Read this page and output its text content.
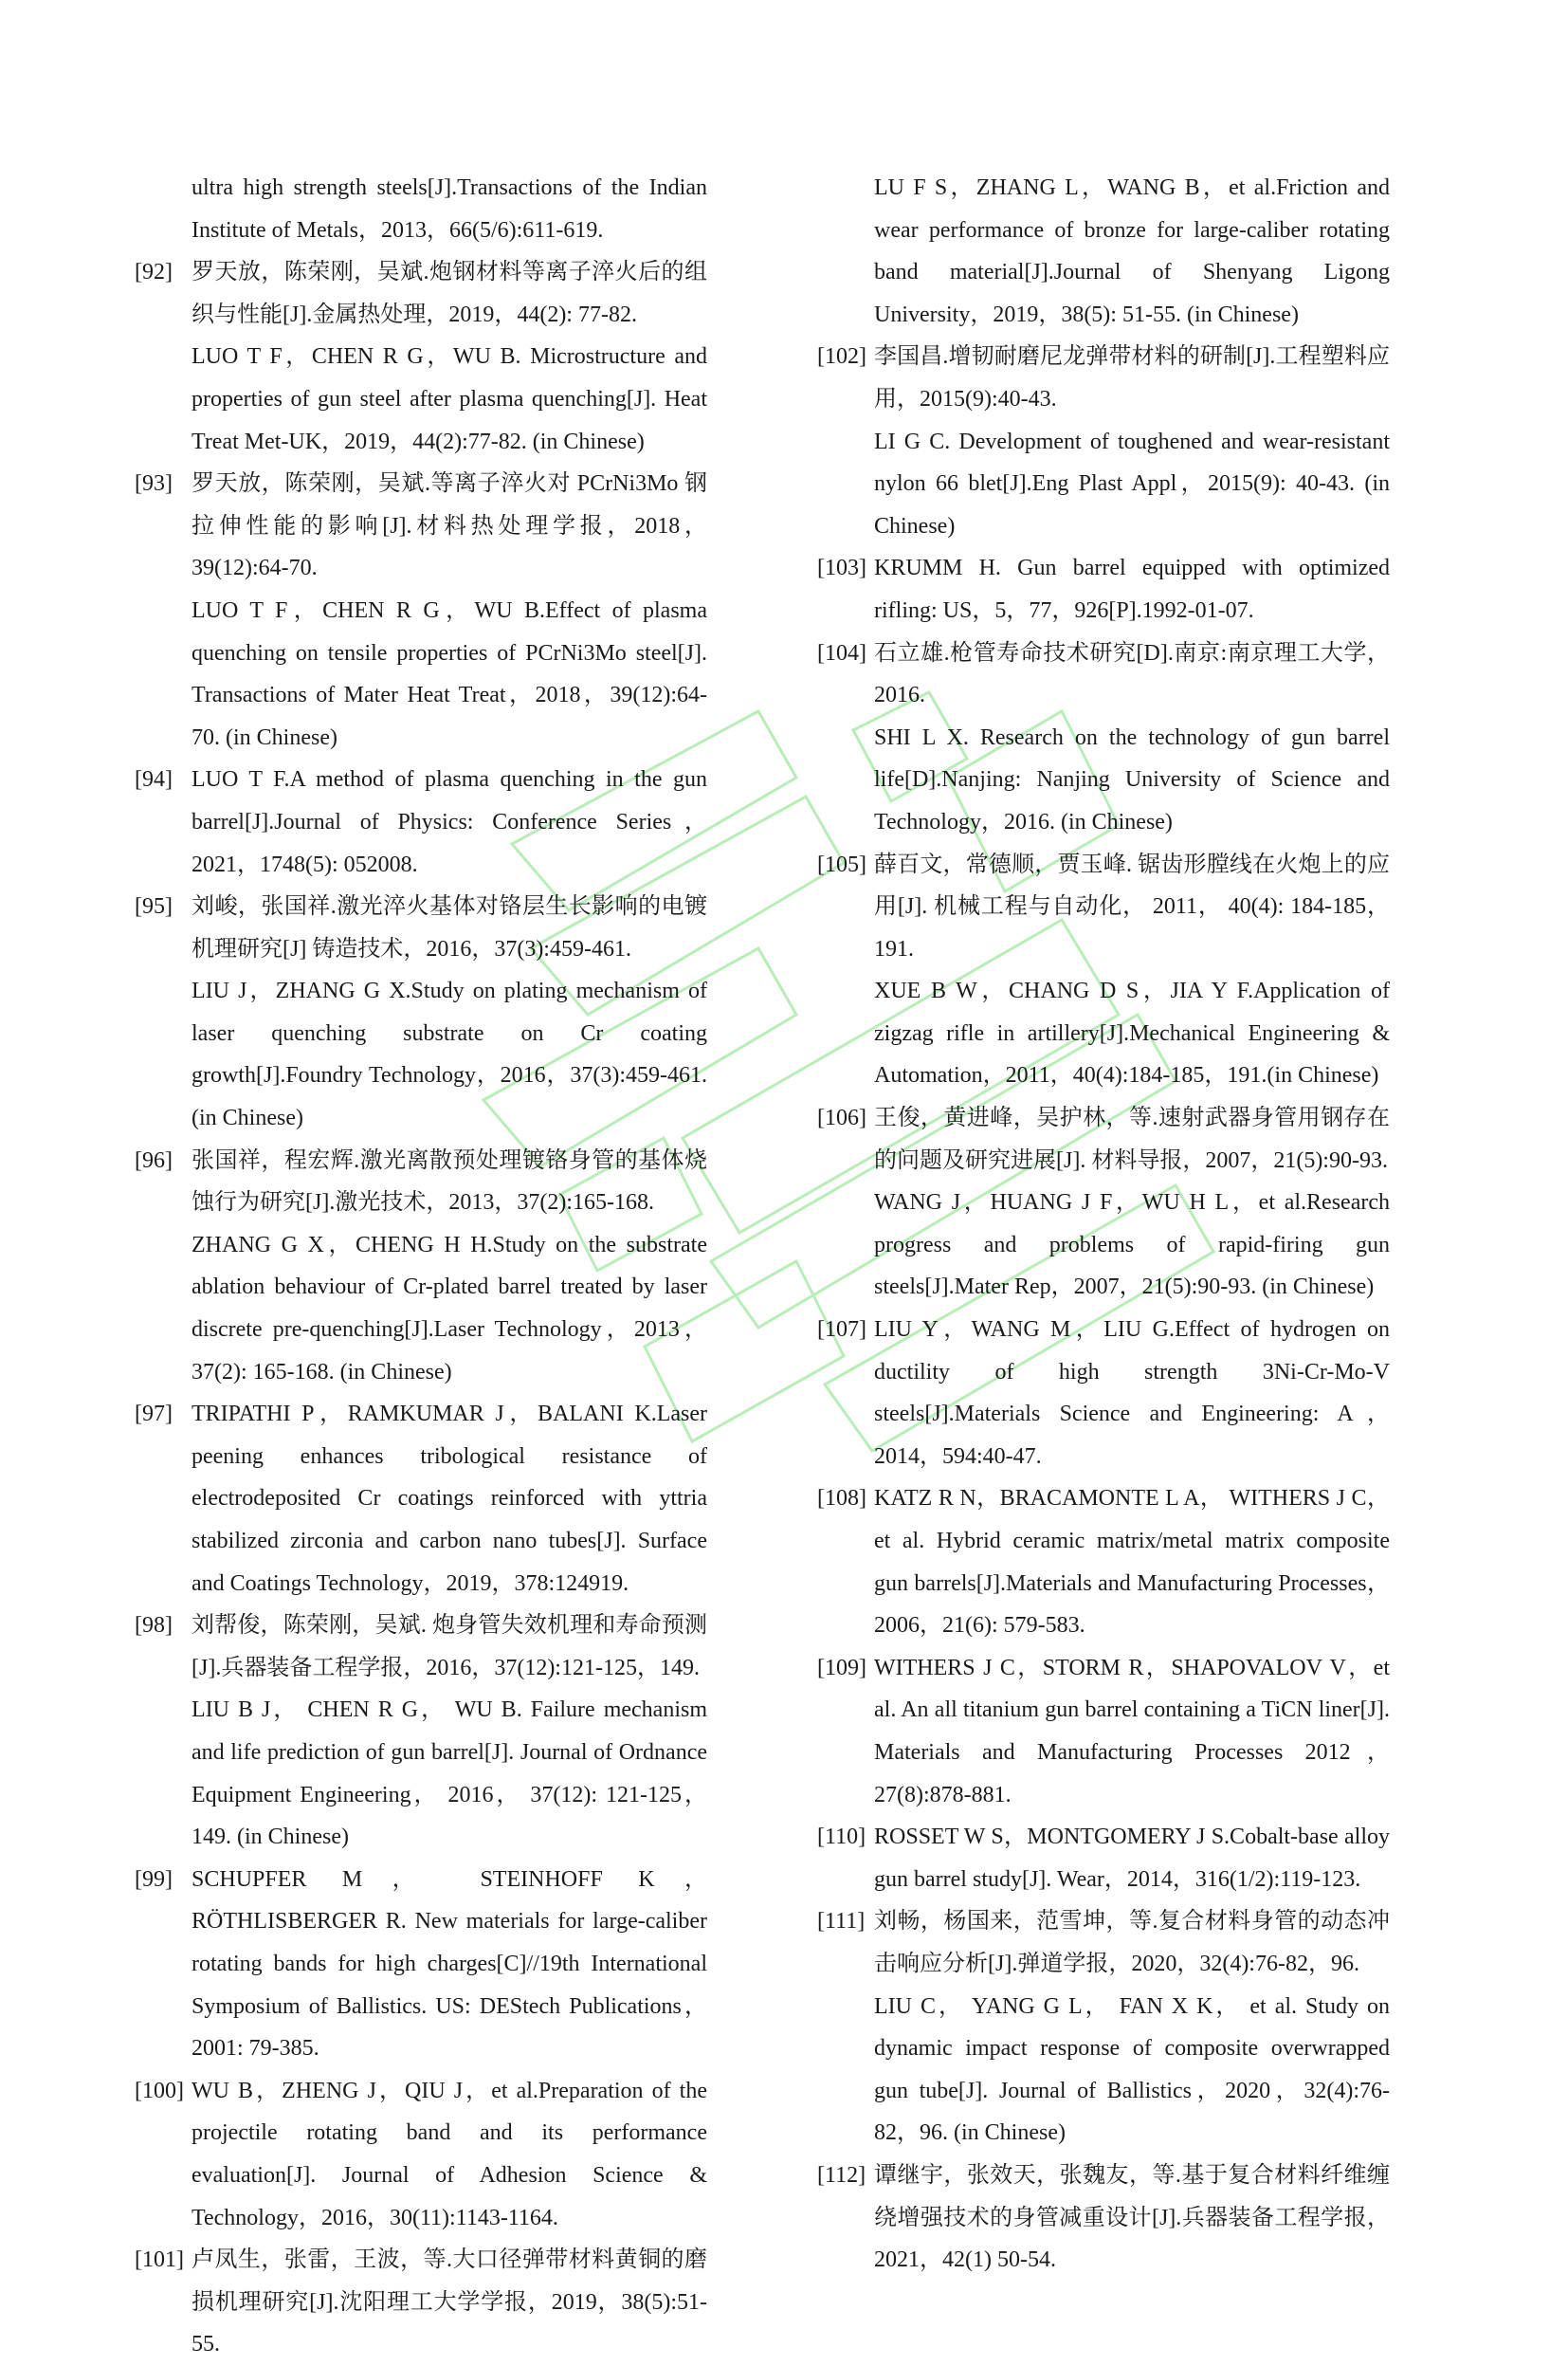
ultra high strength steels[J].Transactions of the Indian Institute of Metals，2013，66(5/6):611-619.
[92] 罗天放，陈荣刚，吴斌.炮钢材料等离子淬火后的组织与性能[J].金属热处理，2019，44(2): 77-82.
LUO T F，CHEN R G，WU B. Microstructure and properties of gun steel after plasma quenching[J]. Heat Treat Met-UK，2019，44(2):77-82. (in Chinese)
[93] 罗天放，陈荣刚，吴斌.等离子淬火对 PCrNi3Mo 钢拉伸性能的影响[J].材料热处理学报，2018，39(12):64-70.
LUO T F，CHEN R G，WU B.Effect of plasma quenching on tensile properties of PCrNi3Mo steel[J]. Transactions of Mater Heat Treat，2018，39(12):64-70. (in Chinese)
[94] LUO T F.A method of plasma quenching in the gun barrel[J].Journal of Physics: Conference Series，2021，1748(5): 052008.
[95] 刘峻，张国祥.激光淬火基体对铬层生长影响的电镀机理研究[J] 铸造技术，2016，37(3):459-461.
LIU J，ZHANG G X.Study on plating mechanism of laser quenching substrate on Cr coating growth[J].Foundry Technology，2016，37(3):459-461. (in Chinese)
[96] 张国祥，程宏辉.激光离散预处理镀铬身管的基体烧蚀行为研究[J].激光技术，2013，37(2):165-168.
ZHANG G X，CHENG H H.Study on the substrate ablation behaviour of Cr-plated barrel treated by laser discrete pre-quenching[J].Laser Technology，2013，37(2): 165-168. (in Chinese)
[97] TRIPATHI P，RAMKUMAR J，BALANI K.Laser peening enhances tribological resistance of electrodeposited Cr coatings reinforced with yttria stabilized zirconia and carbon nano tubes[J]. Surface and Coatings Technology，2019，378:124919.
[98] 刘帮俊，陈荣刚，吴斌. 炮身管失效机理和寿命预测[J].兵器装备工程学报，2016，37(12):121-125，149.
LIU B J， CHEN R G， WU B. Failure mechanism and life prediction of gun barrel[J]. Journal of Ordnance Equipment Engineering， 2016， 37(12): 121-125，149. (in Chinese)
[99] SCHUPFER M， STEINHOFF K， RÖTHLISBERGER R. New materials for large-caliber rotating bands for high charges[C]//19th International Symposium of Ballistics. US: DEStech Publications，2001: 79-385.
[100] WU B，ZHENG J，QIU J，et al.Preparation of the projectile rotating band and its performance evaluation[J]. Journal of Adhesion Science & Technology，2016，30(11):1143-1164.
[101] 卢凤生，张雷，王波，等.大口径弹带材料黄铜的磨损机理研究[J].沈阳理工大学学报，2019，38(5):51-55.
LU F S，ZHANG L，WANG B，et al.Friction and wear performance of bronze for large-caliber rotating band material[J].Journal of Shenyang Ligong University，2019，38(5): 51-55. (in Chinese)
[102] 李国昌.增韧耐磨尼龙弹带材料的研制[J].工程塑料应用，2015(9):40-43.
LI G C. Development of toughened and wear-resistant nylon 66 blet[J].Eng Plast Appl，2015(9): 40-43. (in Chinese)
[103] KRUMM H. Gun barrel equipped with optimized rifling: US，5，77，926[P].1992-01-07.
[104] 石立雄.枪管寿命技术研究[D].南京:南京理工大学，2016.
SHI L X. Research on the technology of gun barrel life[D].Nanjing: Nanjing University of Science and Technology，2016. (in Chinese)
[105] 薛百文，常德顺，贾玉峰. 锯齿形膛线在火炮上的应用[J]. 机械工程与自动化， 2011， 40(4): 184-185，191.
XUE B W，CHANG D S，JIA Y F.Application of zigzag rifle in artillery[J].Mechanical Engineering & Automation，2011，40(4):184-185，191.(in Chinese)
[106] 王俊，黄进峰，吴护林，等.速射武器身管用钢存在的问题及研究进展[J]. 材料导报，2007，21(5):90-93.
WANG J，HUANG J F，WU H L，et al.Research progress and problems of rapid-firing gun steels[J].Mater Rep，2007，21(5):90-93. (in Chinese)
[107] LIU Y，WANG M，LIU G.Effect of hydrogen on ductility of high strength 3Ni-Cr-Mo-V steels[J].Materials Science and Engineering: A，2014，594:40-47.
[108] KATZ R N，BRACAMONTE L A， WITHERS J C， et al. Hybrid ceramic matrix/metal matrix composite gun barrels[J].Materials and Manufacturing Processes，2006，21(6): 579-583.
[109] WITHERS J C，STORM R，SHAPOVALOV V，et al. An all titanium gun barrel containing a TiCN liner[J]. Materials and Manufacturing Processes 2012，27(8):878-881.
[110] ROSSET W S，MONTGOMERY J S.Cobalt-base alloy gun barrel study[J]. Wear，2014，316(1/2):119-123.
[111] 刘畅，杨国来，范雪坤，等.复合材料身管的动态冲击响应分析[J].弹道学报，2020，32(4):76-82，96.
LIU C， YANG G L， FAN X K， et al. Study on dynamic impact response of composite overwrapped gun tube[J]. Journal of Ballistics，2020，32(4):76-82，96. (in Chinese)
[112] 谭继宇，张效天，张魏友，等.基于复合材料纤维缠绕增强技术的身管减重设计[J].兵器装备工程学报，2021，42(1) 50-54.
